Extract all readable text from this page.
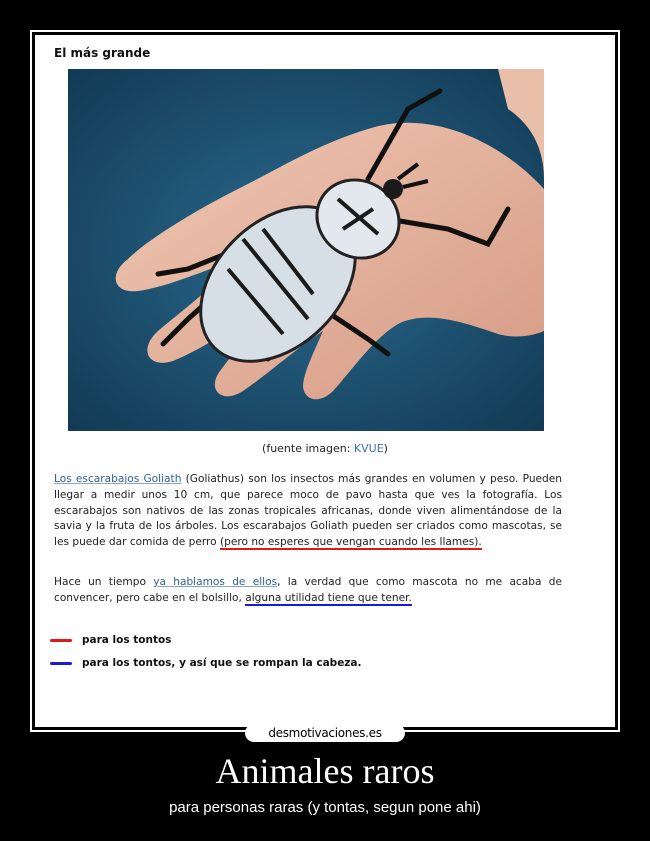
El más grande
(fuente imagen: KVUE)
Los escarabajos Goliath (Goliathus) son los insectos más grandes en volumen y peso. Pueden llegar a medir unos 10 cm, que parece moco de pavo hasta que ves la fotografía. Los escarabajos son nativos de las zonas tropicales africanas, donde viven alimentándose de la savia y la fruta de los árboles. Los escarabajos Goliath pueden ser criados como mascotas, se les puede dar comida de perro (pero no esperes que vengan cuando les llames).
Hace un tiempo ya hablamos de ellos, la verdad que como mascota no me acaba de convencer, pero cabe en el bolsillo, alguna utilidad tiene que tener.
para los tontos
para los tontos, y así que se rompan la cabeza.
desmotivaciones.es
Animales raros
para personas raras (y tontas, segun pone ahi)
